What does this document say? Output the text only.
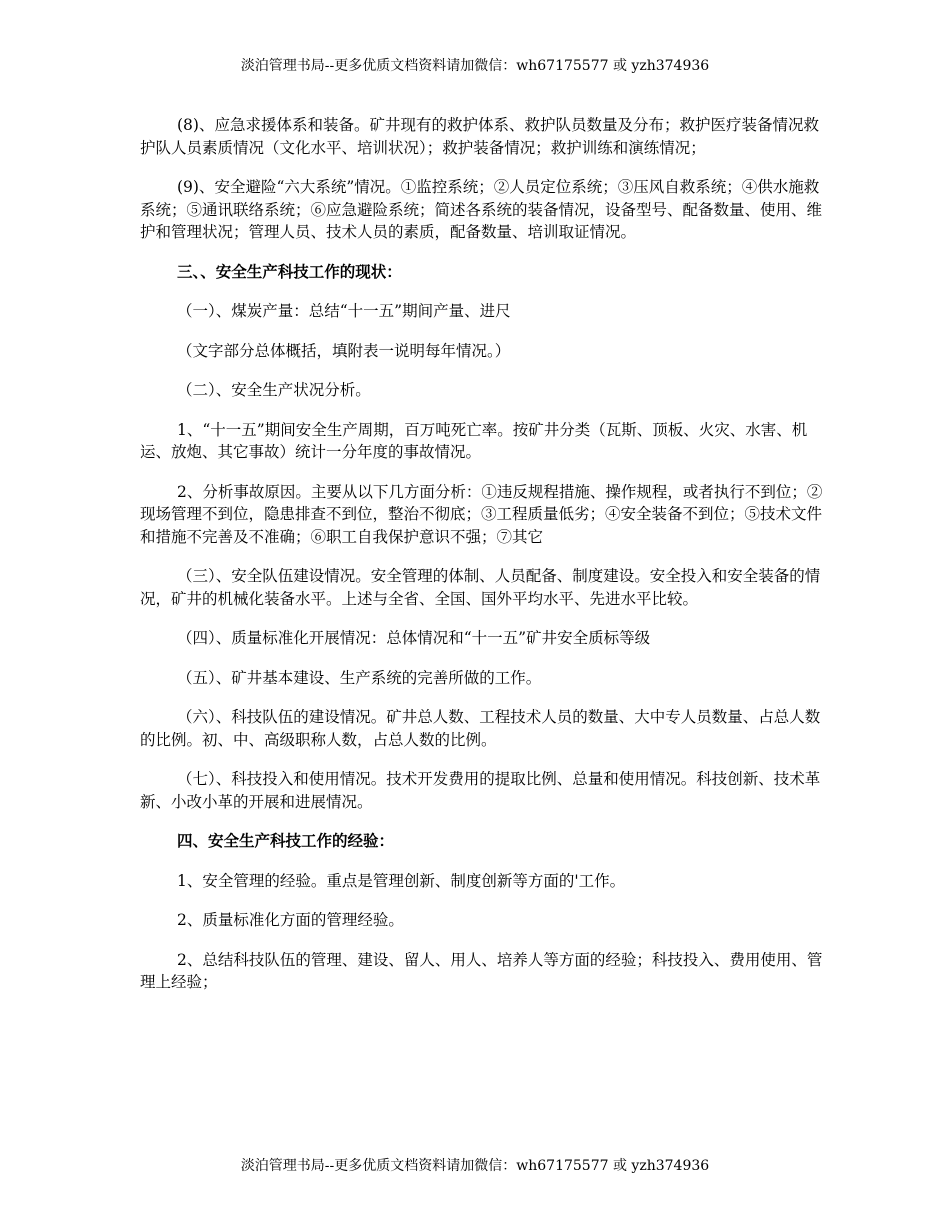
淡泊管理书局--更多优质文档资料请加微信：wh67175577 或 yzh374936

(8)、应急求援体系和装备。矿井现有的救护体系、救护队员数量及分布；救护医疗装备情况救护队人员素质情况（文化水平、培训状况）；救护装备情况；救护训练和演练情况；

(9)、安全避险“六大系统”情况。①监控系统；②人员定位系统；③压风自救系统；④供水施救系统；⑤通讯联络系统；⑥应急避险系统；简述各系统的装备情况，设备型号、配备数量、使用、维护和管理状况；管理人员、技术人员的素质，配备数量、培训取证情况。

三、、安全生产科技工作的现状：

（一）、煤炭产量：总结“十一五”期间产量、进尺

（文字部分总体概括，填附表一说明每年情况。）

（二）、安全生产状况分析。

1、“十一五”期间安全生产周期，百万吨死亡率。按矿井分类（瓦斯、顶板、火灾、水害、机运、放炮、其它事故）统计一分年度的事故情况。

2、分析事故原因。主要从以下几方面分析：①违反规程措施、操作规程，或者执行不到位；②现场管理不到位，隐患排查不到位，整治不彻底；③工程质量低劣；④安全装备不到位；⑤技术文件和措施不完善及不准确；⑥职工自我保护意识不强；⑦其它

（三）、安全队伍建设情况。安全管理的体制、人员配备、制度建设。安全投入和安全装备的情况，矿井的机械化装备水平。上述与全省、全国、国外平均水平、先进水平比较。

（四）、质量标准化开展情况：总体情况和“十一五”矿井安全质标等级

（五）、矿井基本建设、生产系统的完善所做的工作。

（六）、科技队伍的建设情况。矿井总人数、工程技术人员的数量、大中专人员数量、占总人数的比例。初、中、高级职称人数，占总人数的比例。

（七）、科技投入和使用情况。技术开发费用的提取比例、总量和使用情况。科技创新、技术革新、小改小革的开展和进展情况。

四、安全生产科技工作的经验：

1、安全管理的经验。重点是管理创新、制度创新等方面的'工作。

2、质量标准化方面的管理经验。

2、总结科技队伍的管理、建设、留人、用人、培养人等方面的经验；科技投入、费用使用、管理上经验；

淡泊管理书局--更多优质文档资料请加微信：wh67175577 或 yzh374936
